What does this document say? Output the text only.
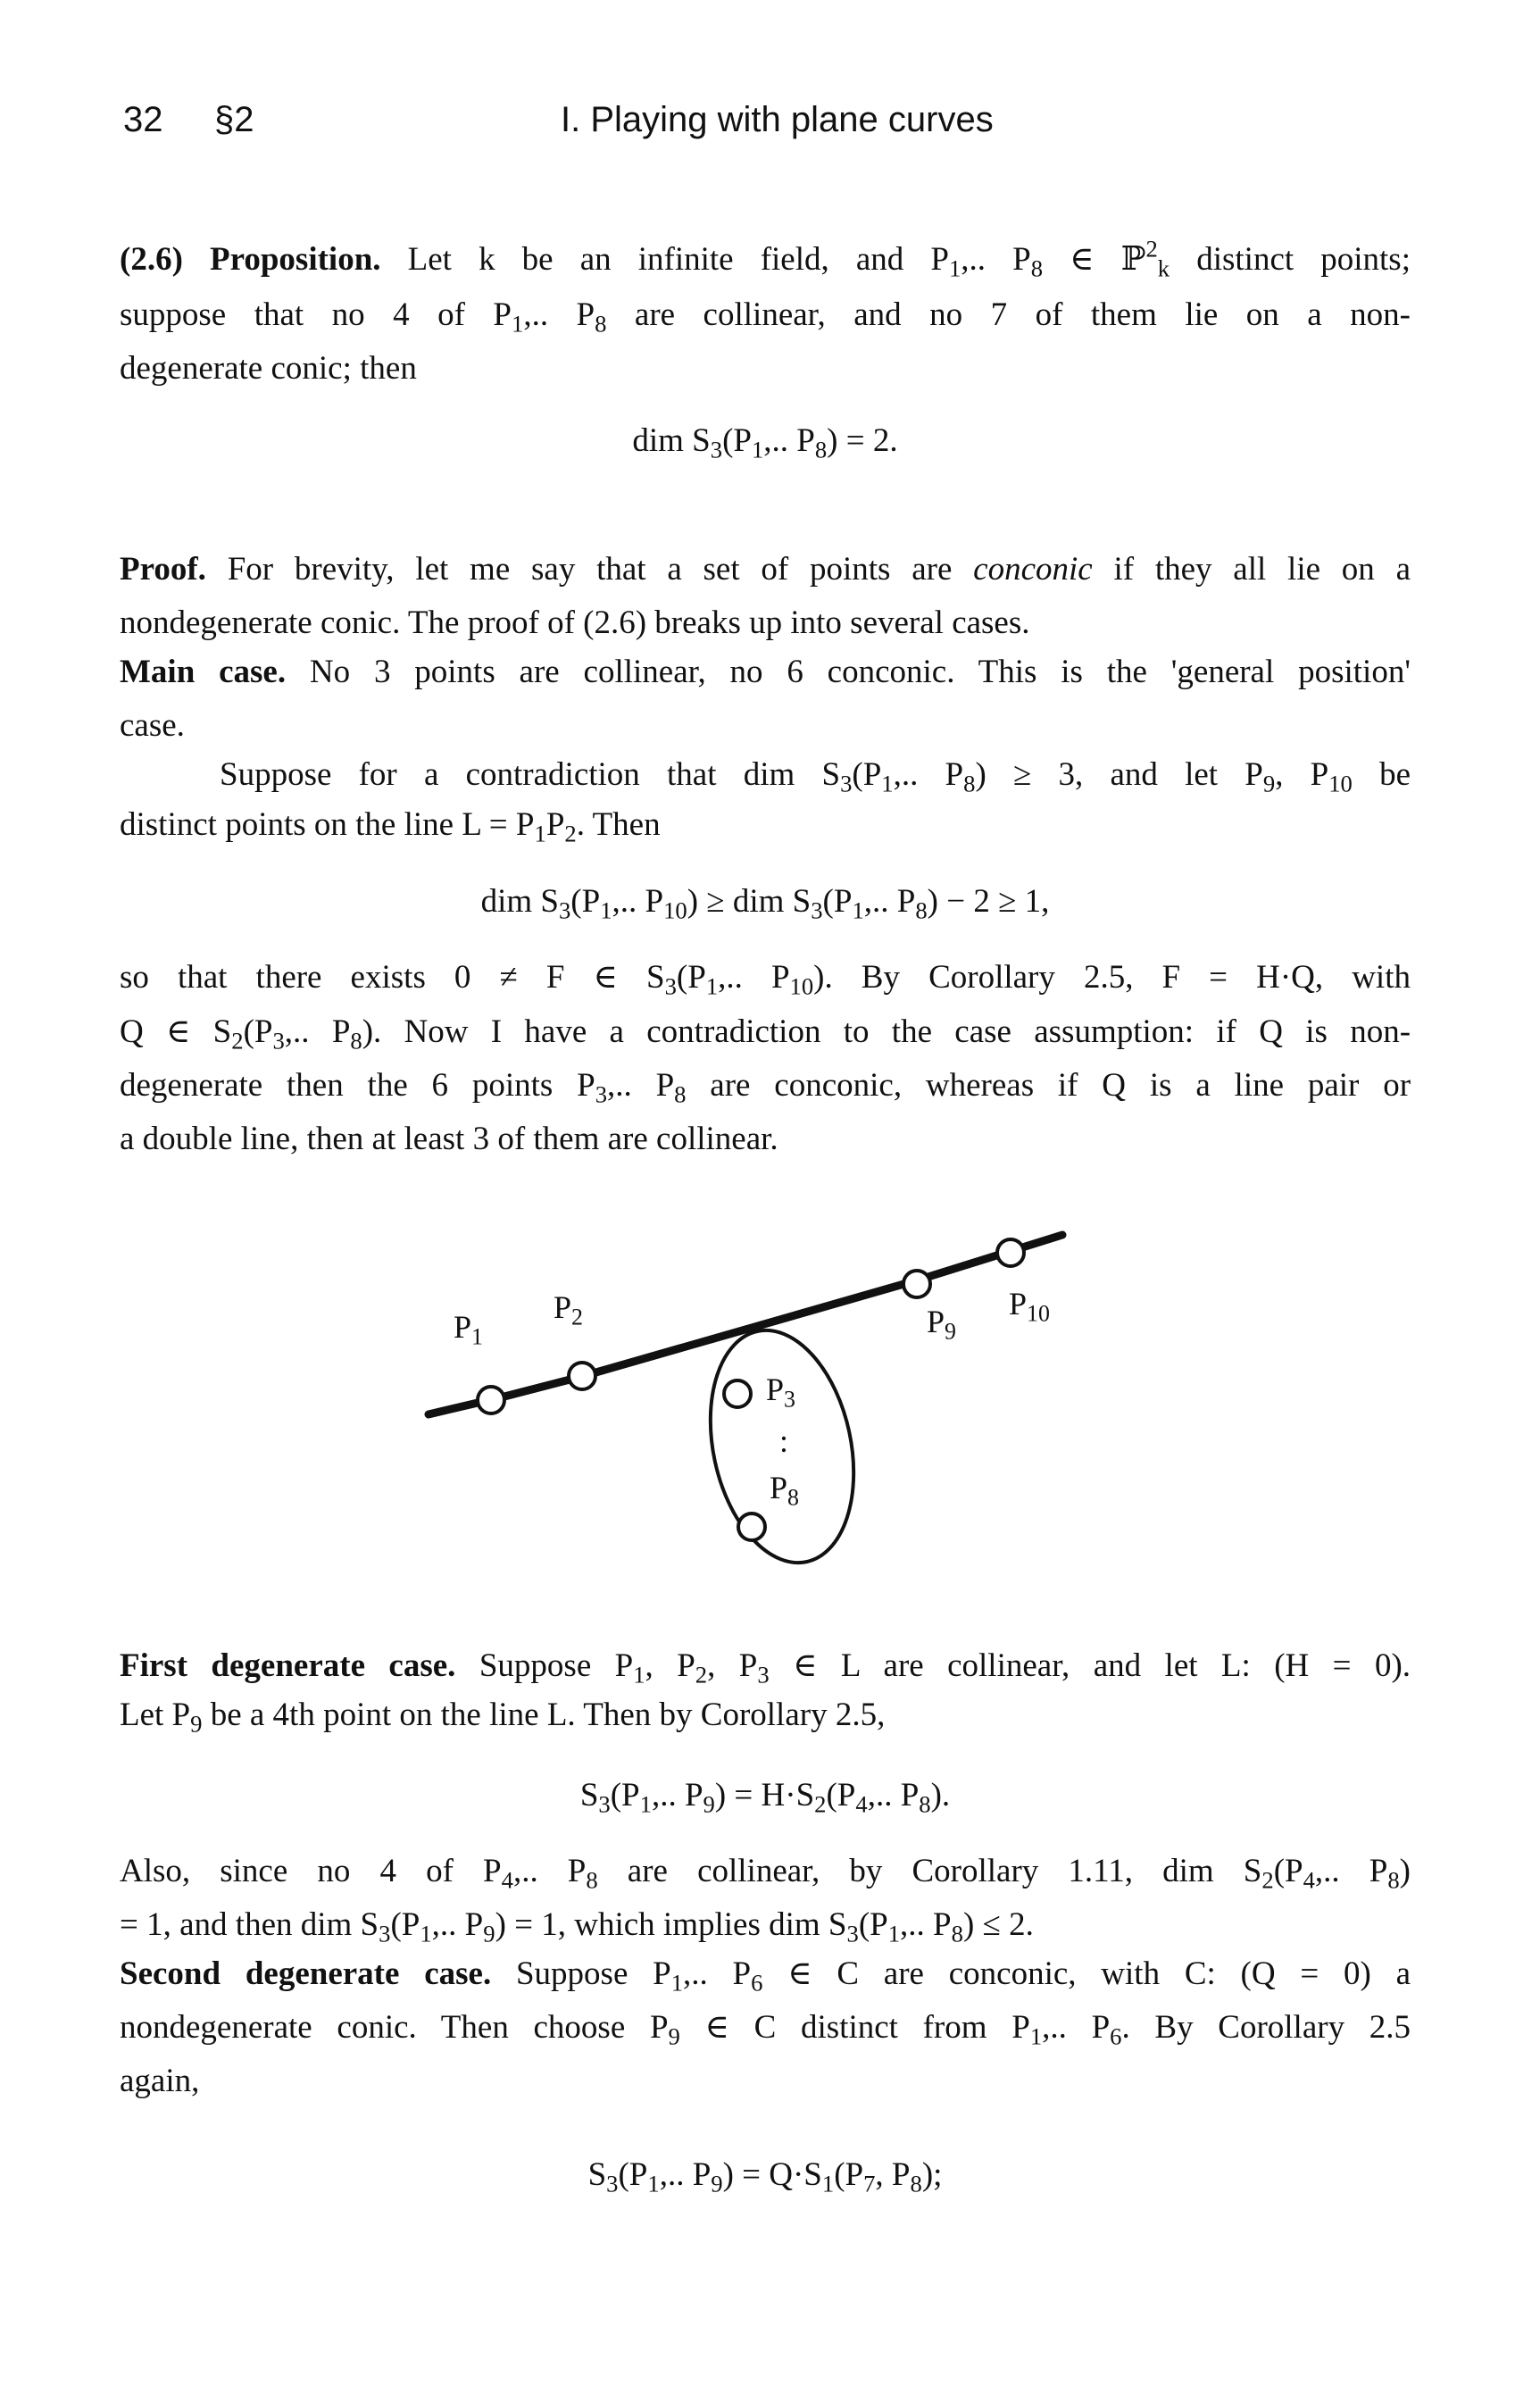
32 §2	I. Playing with plane curves
(2.6) Proposition. Let k be an infinite field, and $P_1$,.. $P_8$ ∈ ℙ$^2_k$ distinct points;
suppose that no 4 of $P_1$,.. $P_8$ are collinear, and no 7 of them lie on a non-
degenerate conic; then
dim $S_3(P_1$,.. $P_8) = 2$.
Proof. For brevity, let me say that a set of points are conconic if they all lie on a
nondegenerate conic. The proof of (2.6) breaks up into several cases.
Main case. No 3 points are collinear, no 6 conconic. This is the 'general position'
case.
Suppose for a contradiction that dim $S_3(P_1$,.. $P_8) \ge 3$, and let $P_9$, $P_{10}$ be
distinct points on the line $L = P_1P_2$. Then
dim $S_3(P_1$,.. $P_{10}$) ≥ dim $S_3(P_1$,.. $P_8) - 2 \ge 1$,
so that there exists 0 ≠ F ∈ $S_3(P_1$,.. $P_{10}$). By Corollary 2.5, F = H·Q, with
Q ∈ $S_2(P_3$,.. $P_8$). Now I have a contradiction to the case assumption: if Q is non-
degenerate then the 6 points $P_3$,.. $P_8$ are conconic, whereas if Q is a line pair or
a double line, then at least 3 of them are collinear.
$P_1$
$P_2$	$P_9$
$P_{10}$
$P_3$
:
$P_8$
First degenerate case. Suppose $P_1$, $P_2$, $P_3$ ∈ L are collinear, and let L: (H = 0).
Let $P_9$ be a 4th point on the line L. Then by Corollary 2.5,
$S_3(P_1$,.. $P_9) = H\cdot S_2(P_4$,.. $P_8$).
Also, since no 4 of $P_4$,.. $P_8$ are collinear, by Corollary 1.11, dim $S_2(P_4$,.. $P_8$)
= 1, and then dim $S_3(P_1$,.. $P_9) = 1$, which implies dim $S_3(P_1$,.. $P_8) \le 2$.
Second degenerate case. Suppose $P_1$,.. $P_6$ ∈ C are conconic, with C: (Q = 0) a
nondegenerate conic. Then choose $P_9$ ∈ C distinct from $P_1$,.. $P_6$. By Corollary 2.5
again,
$S_3(P_1$,.. $P_9) = Q\cdot S_1(P_7$, $P_8$);
